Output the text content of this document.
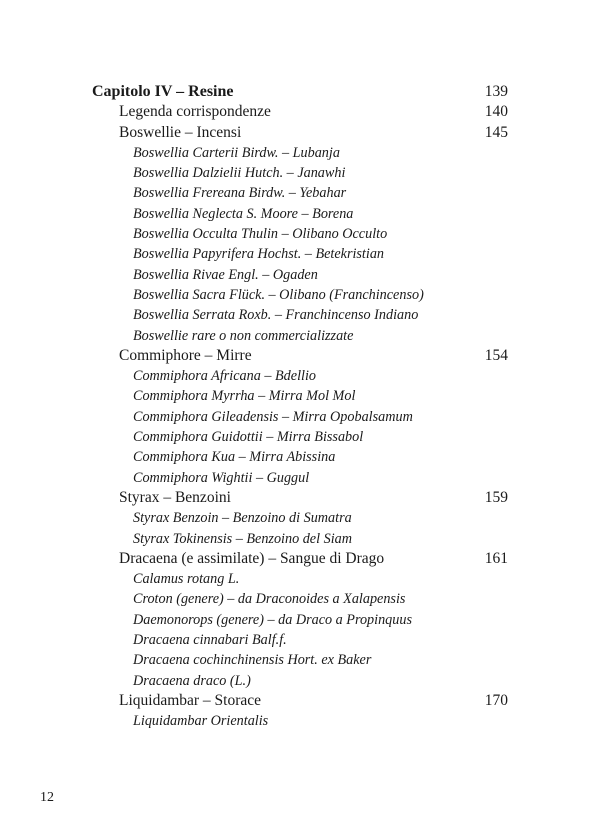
Capitolo IV – Resine	139
Legenda corrispondenze	140
Boswellie – Incensi	145
Boswellia Carterii Birdw. – Lubanja
Boswellia Dalzielii Hutch. – Janawhi
Boswellia Frereana Birdw. – Yebahar
Boswellia Neglecta S. Moore – Borena
Boswellia Occulta Thulin – Olibano Occulto
Boswellia Papyrifera Hochst. – Betekristian
Boswellia Rivae Engl. – Ogaden
Boswellia Sacra Flück. – Olibano (Franchincenso)
Boswellia Serrata Roxb. – Franchincenso Indiano
Boswellie rare o non commercializzate
Commiphore – Mirre	154
Commiphora Africana – Bdellio
Commiphora Myrrha – Mirra Mol Mol
Commiphora Gileadensis – Mirra Opobalsamum
Commiphora Guidottii – Mirra Bissabol
Commiphora Kua – Mirra Abissina
Commiphora Wightii – Guggul
Styrax – Benzoini	159
Styrax Benzoin – Benzoino di Sumatra
Styrax Tokinensis – Benzoino del Siam
Dracaena (e assimilate) – Sangue di Drago	161
Calamus rotang L.
Croton (genere) – da Draconoides a Xalapensis
Daemonorops (genere) – da Draco a Propinquus
Dracaena cinnabari Balf.f.
Dracaena cochinchinensis Hort. ex Baker
Dracaena draco (L.)
Liquidambar – Storace	170
Liquidambar Orientalis
12
